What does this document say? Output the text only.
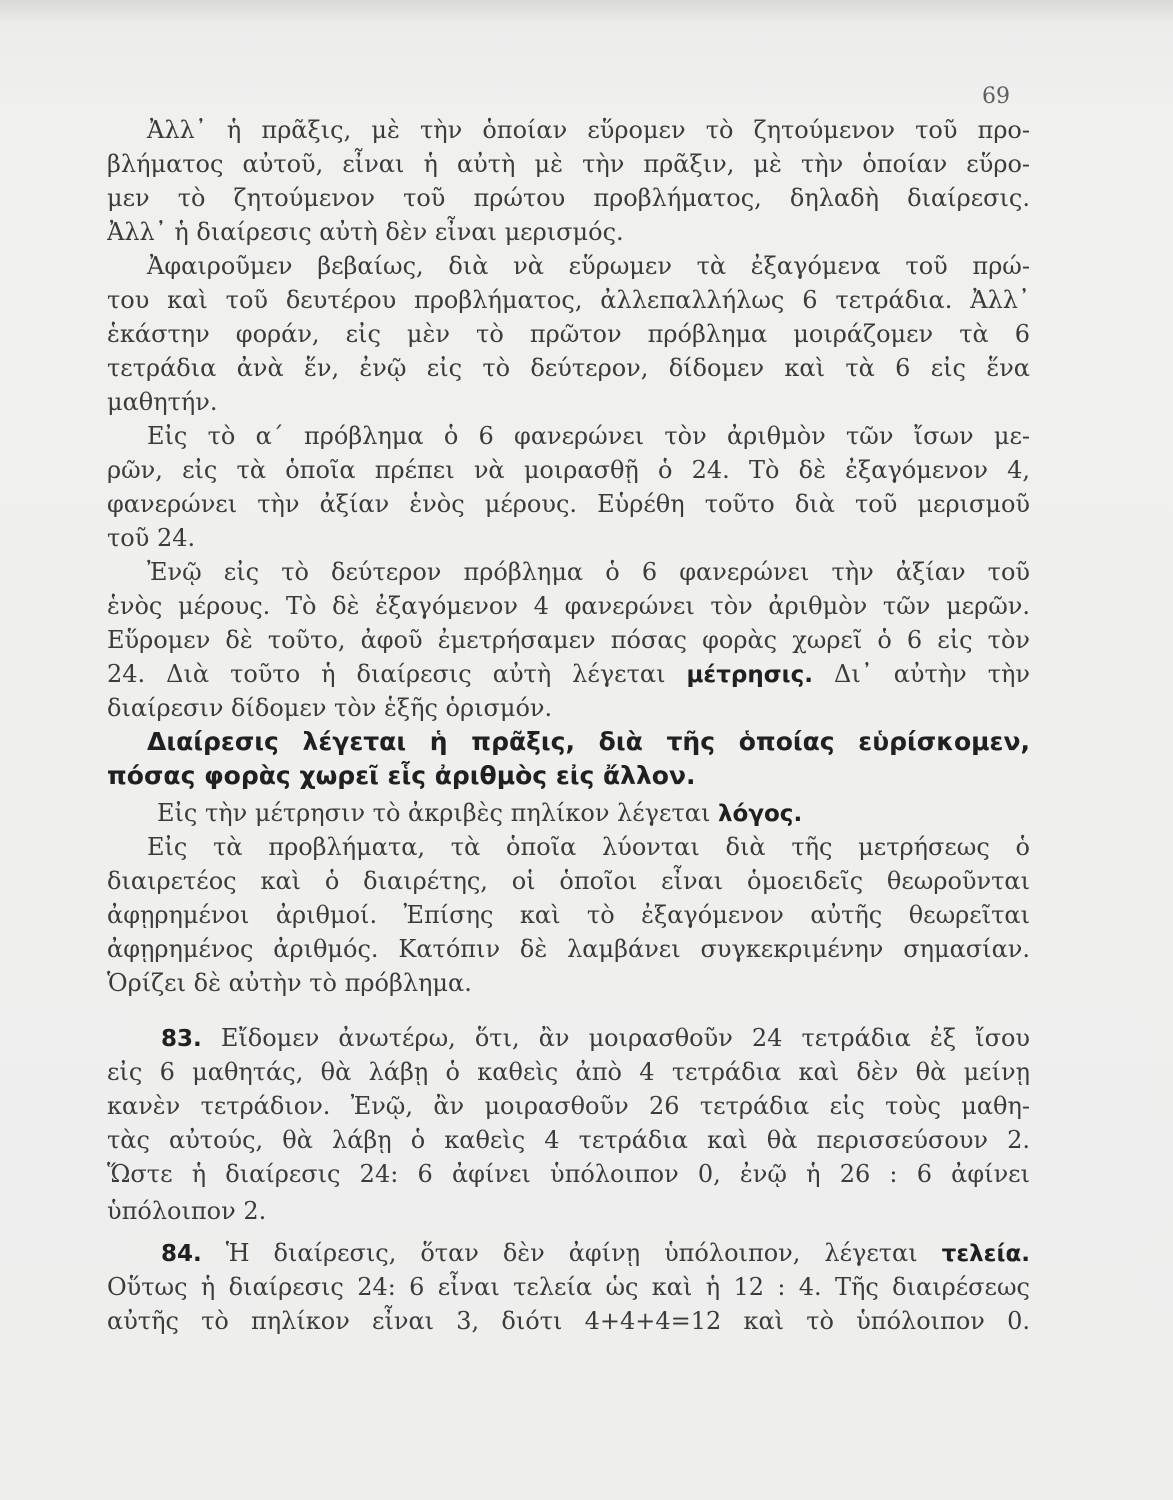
69
Ἀλλ᾽ ἡ πρᾶξις, μὲ τὴν ὁποίαν εὕρομεν τὸ ζητούμενον τοῦ προ-
βλήματος αὐτοῦ, εἶναι ἡ αὐτὴ μὲ τὴν πρᾶξιν, μὲ τὴν ὁποίαν εὕρο-
μεν τὸ ζητούμενον τοῦ πρώτου προβλήματος, δηλαδὴ διαίρεσις.
Ἀλλ᾽ ἡ διαίρεσις αὐτὴ δὲν εἶναι μερισμός.
Ἀφαιροῦμεν βεβαίως, διὰ νὰ εὕρωμεν τὰ ἐξαγόμενα τοῦ πρώ-
του καὶ τοῦ δευτέρου προβλήματος, ἀλλεπαλλήλως 6 τετράδια. Ἀλλ᾽
ἑκάστην φοράν, εἰς μὲν τὸ πρῶτον πρόβλημα μοιράζομεν τὰ 6
τετράδια ἀνὰ ἕν, ἐνῷ εἰς τὸ δεύτερον, δίδομεν καὶ τὰ 6 εἰς ἕνα
μαθητήν.
Εἰς τὸ α´ πρόβλημα ὁ 6 φανερώνει τὸν ἀριθμὸν τῶν ἴσων με-
ρῶν, εἰς τὰ ὁποῖα πρέπει νὰ μοιρασθῇ ὁ 24. Τὸ δὲ ἐξαγόμενον 4,
φανερώνει τὴν ἀξίαν ἑνὸς μέρους. Εὑρέθη τοῦτο διὰ τοῦ μερισμοῦ
τοῦ 24.
Ἐνῷ εἰς τὸ δεύτερον πρόβλημα ὁ 6 φανερώνει τὴν ἀξίαν τοῦ
ἑνὸς μέρους. Τὸ δὲ ἐξαγόμενον 4 φανερώνει τὸν ἀριθμὸν τῶν μερῶν.
Εὕρομεν δὲ τοῦτο, ἀφοῦ ἐμετρήσαμεν πόσας φορὰς χωρεῖ ὁ 6 εἰς τὸν
24. Διὰ τοῦτο ἡ διαίρεσις αὐτὴ λέγεται μέτρησις. Δι᾽ αὐτὴν τὴν
διαίρεσιν δίδομεν τὸν ἑξῆς ὁρισμόν.
Διαίρεσις λέγεται ἡ πρᾶξις, διὰ τῆς ὁποίας εὑρίσκομεν,
πόσας φορὰς χωρεῖ εἷς ἀριθμὸς εἰς ἄλλον.
Εἰς τὴν μέτρησιν τὸ ἀκριβὲς πηλίκον λέγεται λόγος.
Εἰς τὰ προβλήματα, τὰ ὁποῖα λύονται διὰ τῆς μετρήσεως ὁ
διαιρετέος καὶ ὁ διαιρέτης, οἱ ὁποῖοι εἶναι ὁμοειδεῖς θεωροῦνται
ἀφῃρημένοι ἀριθμοί. Ἐπίσης καὶ τὸ ἐξαγόμενον αὐτῆς θεωρεῖται
ἀφῃρημένος ἀριθμός. Κατόπιν δὲ λαμβάνει συγκεκριμένην σημασίαν.
Ὁρίζει δὲ αὐτὴν τὸ πρόβλημα.
83. Εἴδομεν ἀνωτέρω, ὅτι, ἂν μοιρασθοῦν 24 τετράδια ἐξ ἴσου
εἰς 6 μαθητάς, θὰ λάβῃ ὁ καθεὶς ἀπὸ 4 τετράδια καὶ δὲν θὰ μείνῃ
κανὲν τετράδιον. Ἐνῷ, ἂν μοιρασθοῦν 26 τετράδια εἰς τοὺς μαθη-
τὰς αὐτούς, θὰ λάβῃ ὁ καθεὶς 4 τετράδια καὶ θὰ περισσεύσουν 2.
Ὥστε ἡ διαίρεσις 24: 6 ἀφίνει ὑπόλοιπον 0, ἐνῷ ἡ 26 : 6 ἀφίνει
ὑπόλοιπον 2.
84. Ἡ διαίρεσις, ὅταν δὲν ἀφίνῃ ὑπόλοιπον, λέγεται τελεία.
Οὕτως ἡ διαίρεσις 24: 6 εἶναι τελεία ὡς καὶ ἡ 12 : 4. Τῆς διαιρέσεως
αὐτῆς τὸ πηλίκον εἶναι 3, διότι 4+4+4=12 καὶ τὸ ὑπόλοιπον 0.
